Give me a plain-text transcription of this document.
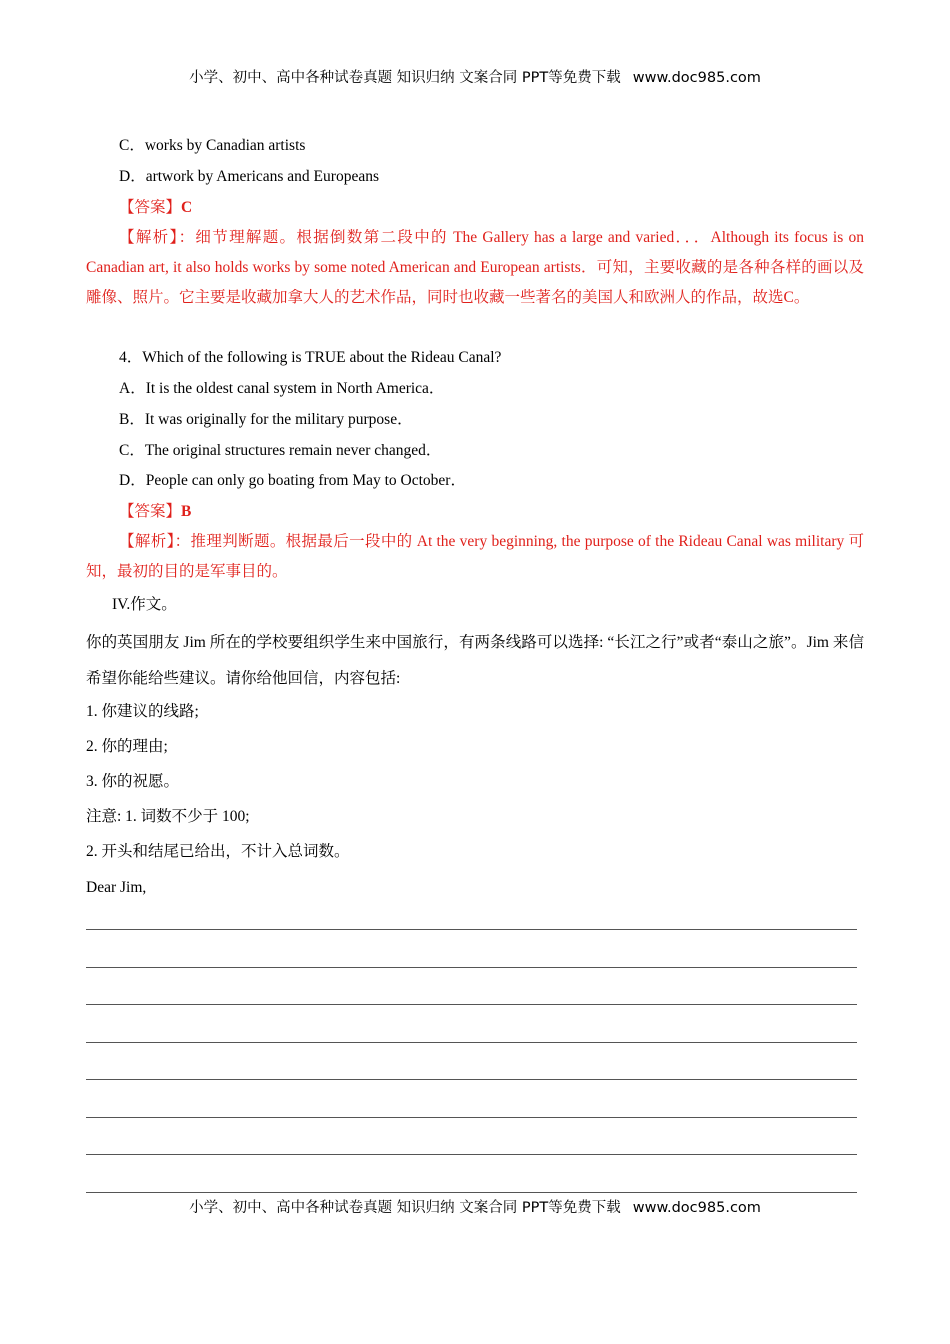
小学、初中、高中各种试卷真题 知识归纳 文案合同 PPT等免费下载 www.doc985.com
C．works by Canadian artists
D．artwork by Americans and Europeans
【答案】C
【解析】：细节理解题。根据倒数第二段中的 The Gallery has a large and varied．．．Although its focus is on Canadian art, it also holds works by some noted American and European artists．可知，主要收藏的是各种各样的画以及雕像、照片。它主要是收藏加拿大人的艺术作品，同时也收藏一些著名的美国人和欧洲人的作品，故选C。
4．Which of the following is TRUE about the Rideau Canal?
A．It is the oldest canal system in North America．
B．It was originally for the military purpose．
C．The original structures remain never changed．
D．People can only go boating from May to October．
【答案】B
【解析】：推理判断题。根据最后一段中的 At the very beginning, the purpose of the Rideau Canal was military 可知，最初的目的是军事目的。
IV.作文。
你的英国朋友 Jim 所在的学校要组织学生来中国旅行，有两条线路可以选择: “长江之行”或者“泰山之旅”。Jim 来信希望你能给些建议。请你给他回信，内容包括:
1. 你建议的线路;
2. 你的理由;
3. 你的祝愿。
注意: 1. 词数不少于 100;
2. 开头和结尾已给出，不计入总词数。
Dear Jim,
小学、初中、高中各种试卷真题 知识归纳 文案合同 PPT等免费下载 www.doc985.com
